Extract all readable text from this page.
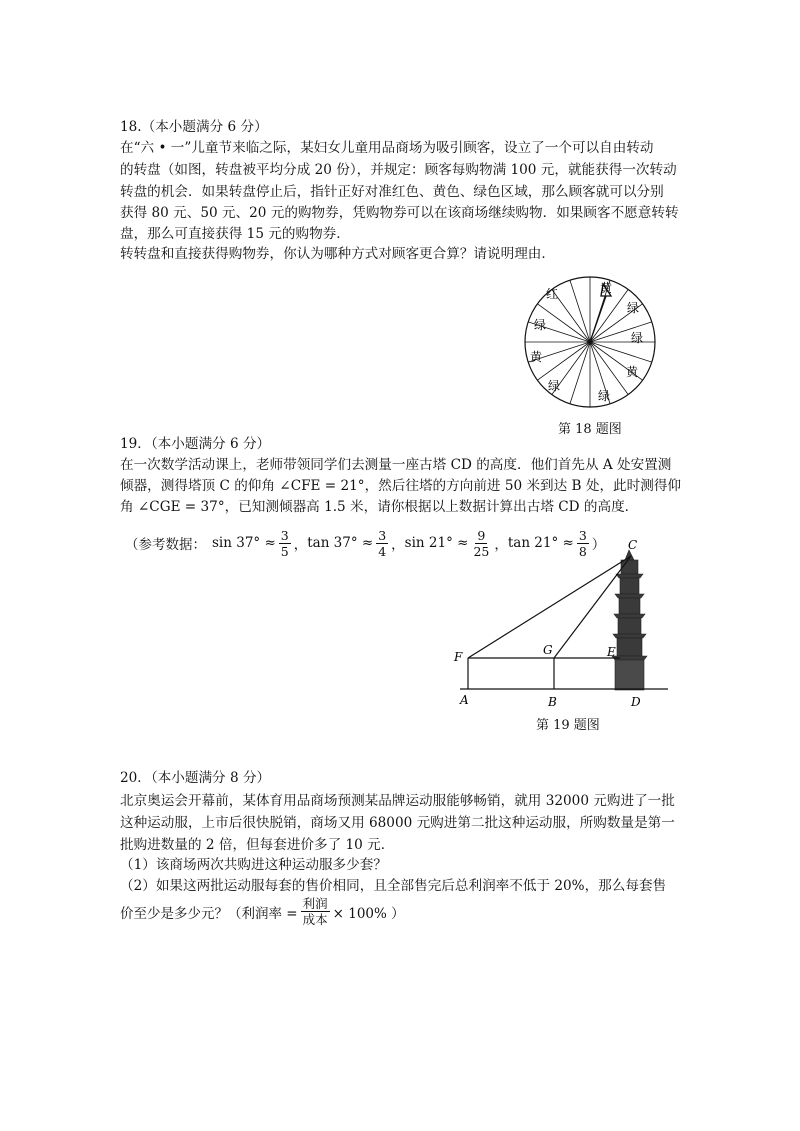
18.（本小题满分 6 分）
在“六 • 一”儿童节来临之际，某妇女儿童用品商场为吸引顾客，设立了一个可以自由转动
的转盘（如图，转盘被平均分成 20 份），并规定：顾客每购物满 100 元，就能获得一次转动
转盘的机会．如果转盘停止后，指针正好对准红色、黄色、绿色区域，那么顾客就可以分别
获得 80 元、50 元、20 元的购物券，凭购物券可以在该商场继续购物．如果顾客不愿意转转
盘，那么可直接获得 15 元的购物券．
转转盘和直接获得购物券，你认为哪种方式对顾客更合算？请说明理由．
红	黄
绿
绿
绿
黄
黄
绿
绿
第 18 题图
19．（本小题满分 6 分）
在一次数学活动课上，老师带领同学们去测量一座古塔 CD 的高度．他们首先从 A 处安置测
倾器，测得塔顶 C 的仰角 ∠CFE = 21°，然后往塔的方向前进 50 米到达 B 处，此时测得仰
角 ∠CGE = 37°，已知测倾器高 1.5 米，请你根据以上数据计算出古塔 CD 的高度．
（参考数据： $\sin 37^\circ \approx \frac{3}{5}$ ， $\tan 37^\circ \approx \frac{3}{4}$ ， $\sin 21^\circ \approx \frac{9}{25}$ ， $\tan 21^\circ \approx \frac{3}{8}$ ） C
F	G	E
A	B	D
第 19 题图
20．（本小题满分 8 分）
北京奥运会开幕前，某体育用品商场预测某品牌运动服能够畅销，就用 32000 元购进了一批
这种运动服，上市后很快脱销，商场又用 68000 元购进第二批这种运动服，所购数量是第一
批购进数量的 2 倍，但每套进价多了 10 元．
（1）该商场两次共购进这种运动服多少套？
（2）如果这两批运动服每套的售价相同，且全部售完后总利润率不低于 20%，那么每套售
价至少是多少元？（利润率 = $\frac{\text{利润}}{\text{成本}} \times 100\%$ ）
